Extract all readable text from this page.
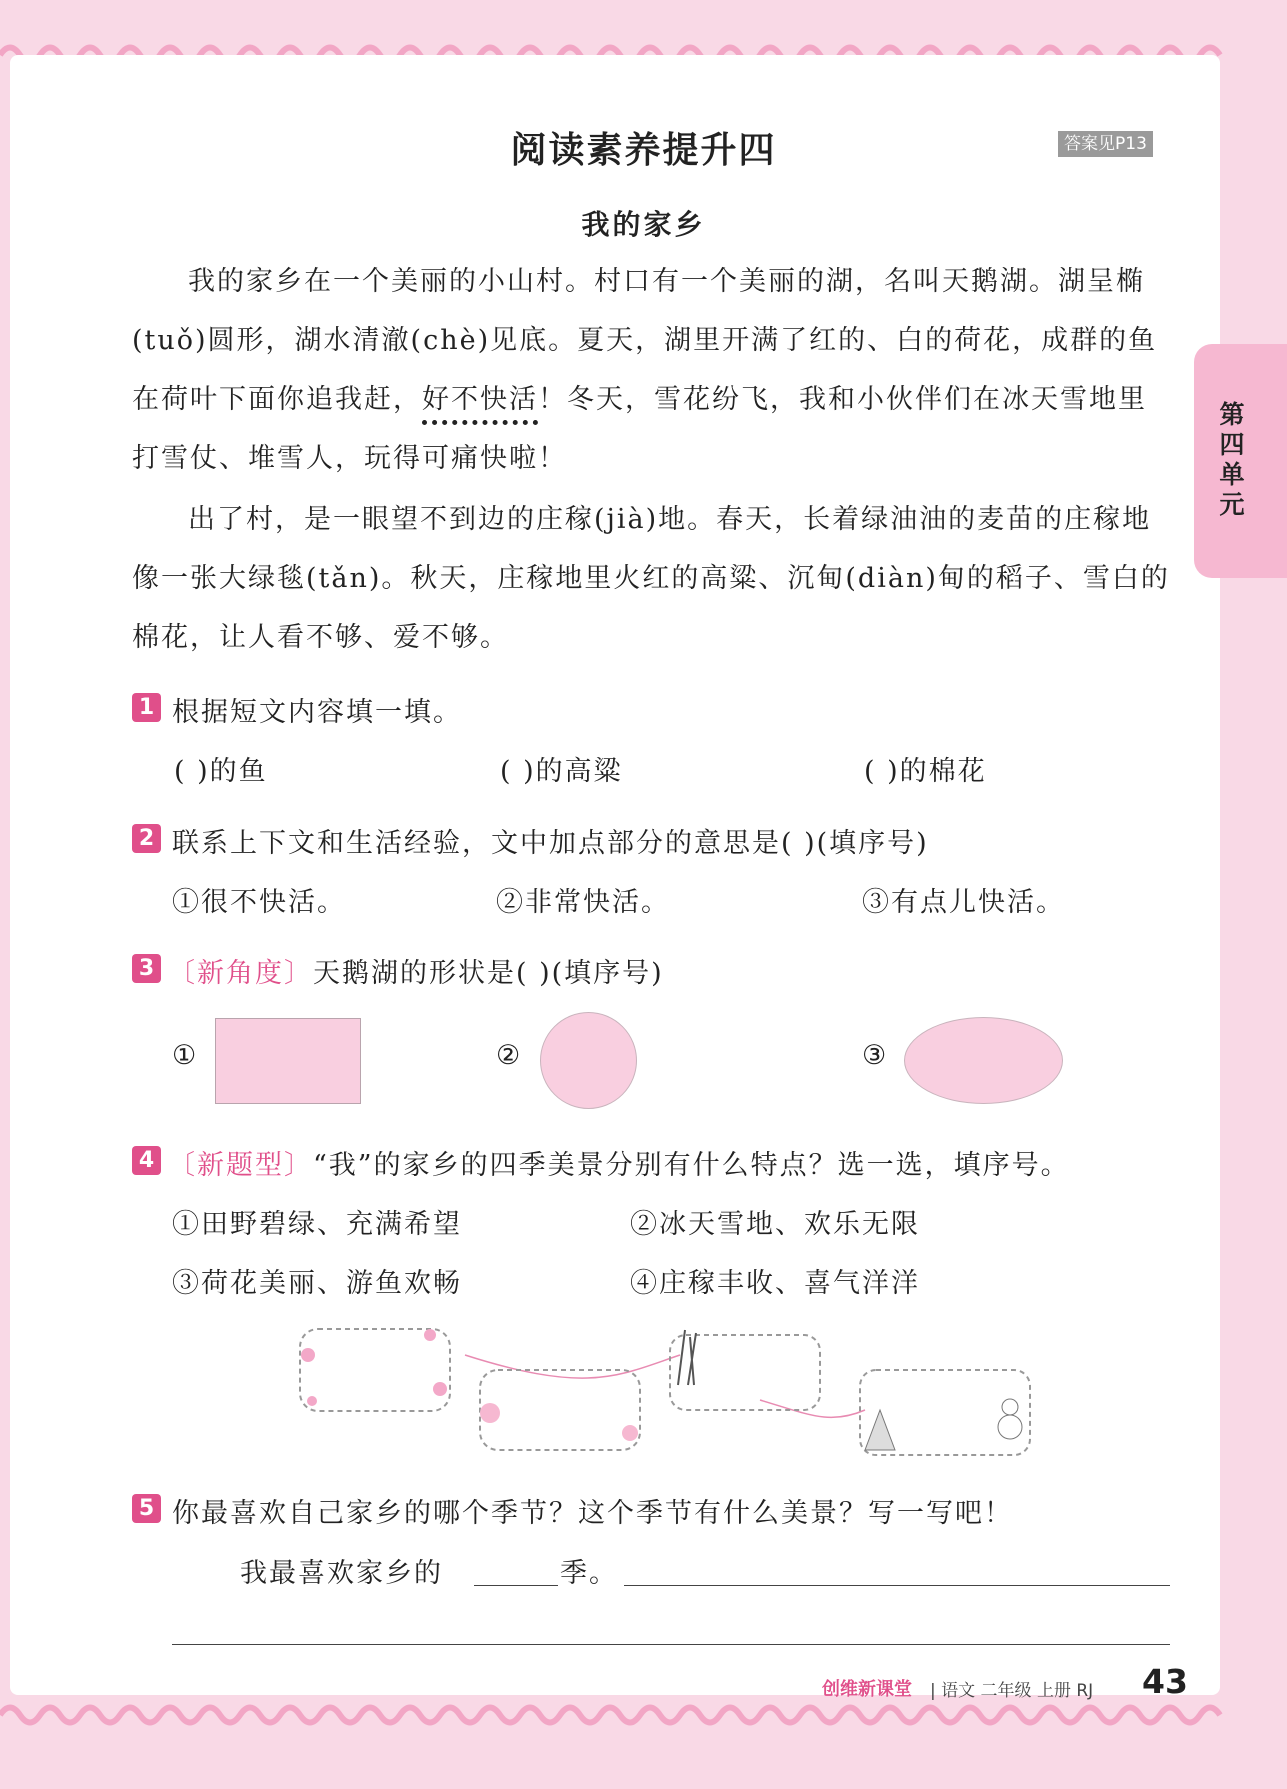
阅读素养提升四	答案见P13
第四单元
我的家乡
我的家乡在一个美丽的小山村。村口有一个美丽的湖，名叫天鹅湖。湖呈椭(tuǒ)圆形，湖水清澈(chè)见底。夏天，湖里开满了红的、白的荷花，成群的鱼在荷叶下面你追我赶，好不快活！冬天，雪花纷飞，我和小伙伴们在冰天雪地里打雪仗、堆雪人，玩得可痛快啦！
出了村，是一眼望不到边的庄稼(jià)地。春天，长着绿油油的麦苗的庄稼地像一张大绿毯(tǎn)。秋天，庄稼地里火红的高粱、沉甸(diàn)甸的稻子、雪白的棉花，让人看不够、爱不够。
1 根据短文内容填一填。
( )的鱼	( )的高粱	( )的棉花
2 联系上下文和生活经验，文中加点部分的意思是( )(填序号)
①很不快活。	②非常快活。	③有点儿快活。
3 〔新角度〕天鹅湖的形状是( )(填序号)
①	②	③
4 〔新题型〕“我”的家乡的四季美景分别有什么特点？选一选，填序号。
①田野碧绿、充满希望	②冰天雪地、欢乐无限
③荷花美丽、游鱼欢畅	④庄稼丰收、喜气洋洋
5 你最喜欢自己家乡的哪个季节？这个季节有什么美景？写一写吧！
我最喜欢家乡的	季。
创维新课堂 | 语文 二年级 上册 RJ 43
